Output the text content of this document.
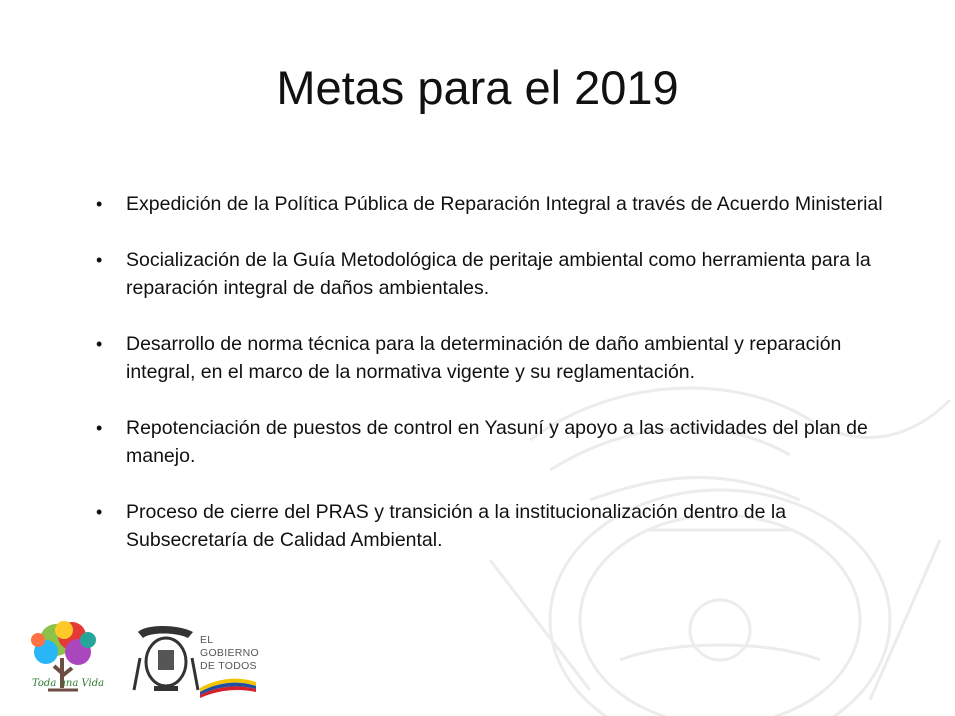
Metas para el 2019
• Expedición de la Política Pública de Reparación Integral a través de Acuerdo Ministerial
• Socialización de la Guía Metodológica de peritaje ambiental como herramienta para la reparación integral de daños ambientales.
• Desarrollo de norma técnica para la determinación de daño ambiental y reparación integral, en el marco de la normativa vigente y su reglamentación.
• Repotenciación de puestos de control en Yasuní y apoyo a las actividades del plan de manejo.
• Proceso de cierre del PRAS y transición a la institucionalización dentro de la Subsecretaría de Calidad Ambiental.
Toda una Vida
EL
GOBIERNO
DE TODOS
